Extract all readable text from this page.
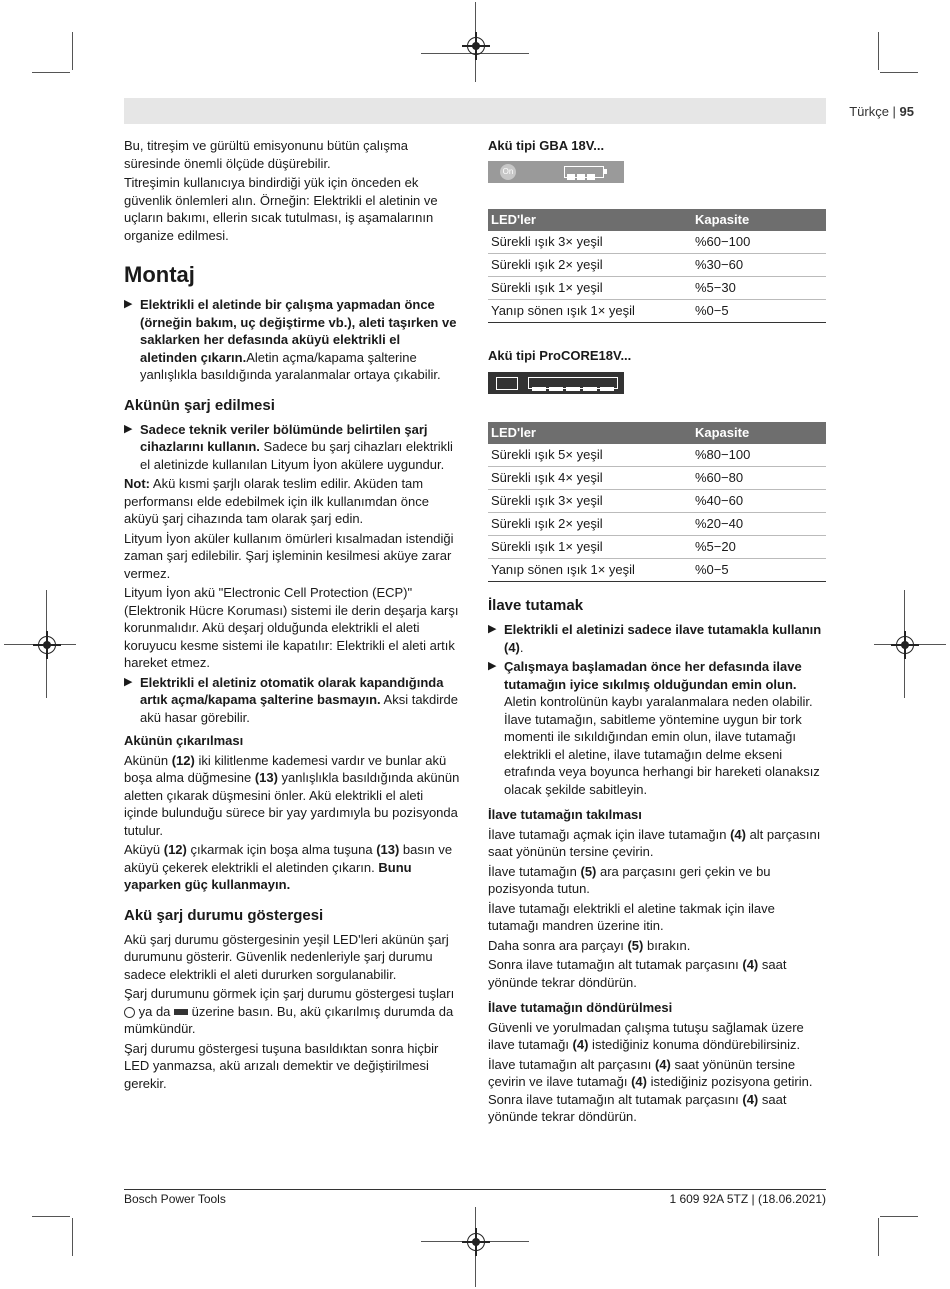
Türkçe | 95

Bu, titreşim ve gürültü emisyonunu bütün çalışma süresinde önemli ölçüde düşürebilir.

Titreşimin kullanıcıya bindirdiği yük için önceden ek güvenlik önlemleri alın. Örneğin: Elektrikli el aletinin ve uçların bakımı, ellerin sıcak tutulması, iş aşamalarının organize edilmesi.

Montaj
▶ Elektrikli el aletinde bir çalışma yapmadan önce (örneğin bakım, uç değiştirme vb.), aleti taşırken ve saklarken her defasında aküyü elektrikli el aletinden çıkarın.Aletin açma/kapama şalterine yanlışlıkla basıldığında yaralanmalar ortaya çıkabilir.
Akünün şarj edilmesi
▶ Sadece teknik veriler bölümünde belirtilen şarj cihazlarını kullanın. Sadece bu şarj cihazları elektrikli el aletinizde kullanılan Lityum İyon akülere uygundur.

Not: Akü kısmi şarjlı olarak teslim edilir. Aküden tam performansı elde edebilmek için ilk kullanımdan önce aküyü şarj cihazında tam olarak şarj edin.

Lityum İyon aküler kullanım ömürleri kısalmadan istendiği zaman şarj edilebilir. Şarj işleminin kesilmesi aküye zarar vermez.

Lityum İyon akü "Electronic Cell Protection (ECP)" (Elektronik Hücre Koruması) sistemi ile derin deşarja karşı korunmalıdır. Akü deşarj olduğunda elektrikli el aleti koruyucu kesme sistemi ile kapatılır: Elektrikli el aleti artık hareket etmez.

▶ Elektrikli el aletiniz otomatik olarak kapandığında artık açma/kapama şalterine basmayın. Aksi takdirde akü hasar görebilir.
Akünün çıkarılması

Akünün (12) iki kilitlenme kademesi vardır ve bunlar akü boşa alma düğmesine (13) yanlışlıkla basıldığında akünün aletten çıkarak düşmesini önler. Akü elektrikli el aleti içinde bulunduğu sürece bir yay yardımıyla bu pozisyonda tutulur.

Aküyü (12) çıkarmak için boşa alma tuşuna (13) basın ve aküyü çekerek elektrikli el aletinden çıkarın. Bunu yaparken güç kullanmayın.

Akü şarj durumu göstergesi

Akü şarj durumu göstergesinin yeşil LED'leri akünün şarj durumunu gösterir. Güvenlik nedenleriyle şarj durumu sadece elektrikli el aleti dururken sorgulanabilir.

Şarj durumunu görmek için şarj durumu göstergesi tuşları  ya da  üzerine basın. Bu, akü çıkarılmış durumda da mümkündür.

Şarj durumu göstergesi tuşuna basıldıktan sonra hiçbir LED yanmazsa, akü arızalı demektir ve değiştirilmesi gerekir.

Akü tipi GBA 18V...
On
LED'ler	Kapasite
Sürekli ışık 3× yeşil	%60−100
Sürekli ışık 2× yeşil	%30−60
Sürekli ışık 1× yeşil	%5−30
Yanıp sönen ışık 1× yeşil	%0−5
Akü tipi ProCORE18V...
LED'ler	Kapasite
Sürekli ışık 5× yeşil	%80−100
Sürekli ışık 4× yeşil	%60−80
Sürekli ışık 3× yeşil	%40−60
Sürekli ışık 2× yeşil	%20−40
Sürekli ışık 1× yeşil	%5−20
Yanıp sönen ışık 1× yeşil	%0−5
İlave tutamak
▶ Elektrikli el aletinizi sadece ilave tutamakla kullanın (4).
▶ Çalışmaya başlamadan önce her defasında ilave tutamağın iyice sıkılmış olduğundan emin olun. Aletin kontrolünün kaybı yaralanmalara neden olabilir. İlave tutamağın, sabitleme yöntemine uygun bir tork momenti ile sıkıldığından emin olun, ilave tutamağı elektrikli el aletine, ilave tutamağın delme ekseni etrafında veya boyunca herhangi bir hareketi olanaksız olacak şekilde sabitleyin.
İlave tutamağın takılması

İlave tutamağı açmak için ilave tutamağın (4) alt parçasını saat yönünün tersine çevirin.

İlave tutamağın (5) ara parçasını geri çekin ve bu pozisyonda tutun.

İlave tutamağı elektrikli el aletine takmak için ilave tutamağı mandren üzerine itin.

Daha sonra ara parçayı (5) bırakın.

Sonra ilave tutamağın alt tutamak parçasını (4) saat yönünde tekrar döndürün.

İlave tutamağın döndürülmesi

Güvenli ve yorulmadan çalışma tutuşu sağlamak üzere ilave tutamağı (4) istediğiniz konuma döndürebilirsiniz.

İlave tutamağın alt parçasını (4) saat yönünün tersine çevirin ve ilave tutamağı (4) istediğiniz pozisyona getirin. Sonra ilave tutamağın alt tutamak parçasını (4) saat yönünde tekrar döndürün.

Bosch Power Tools	1 609 92A 5TZ | (18.06.2021)
